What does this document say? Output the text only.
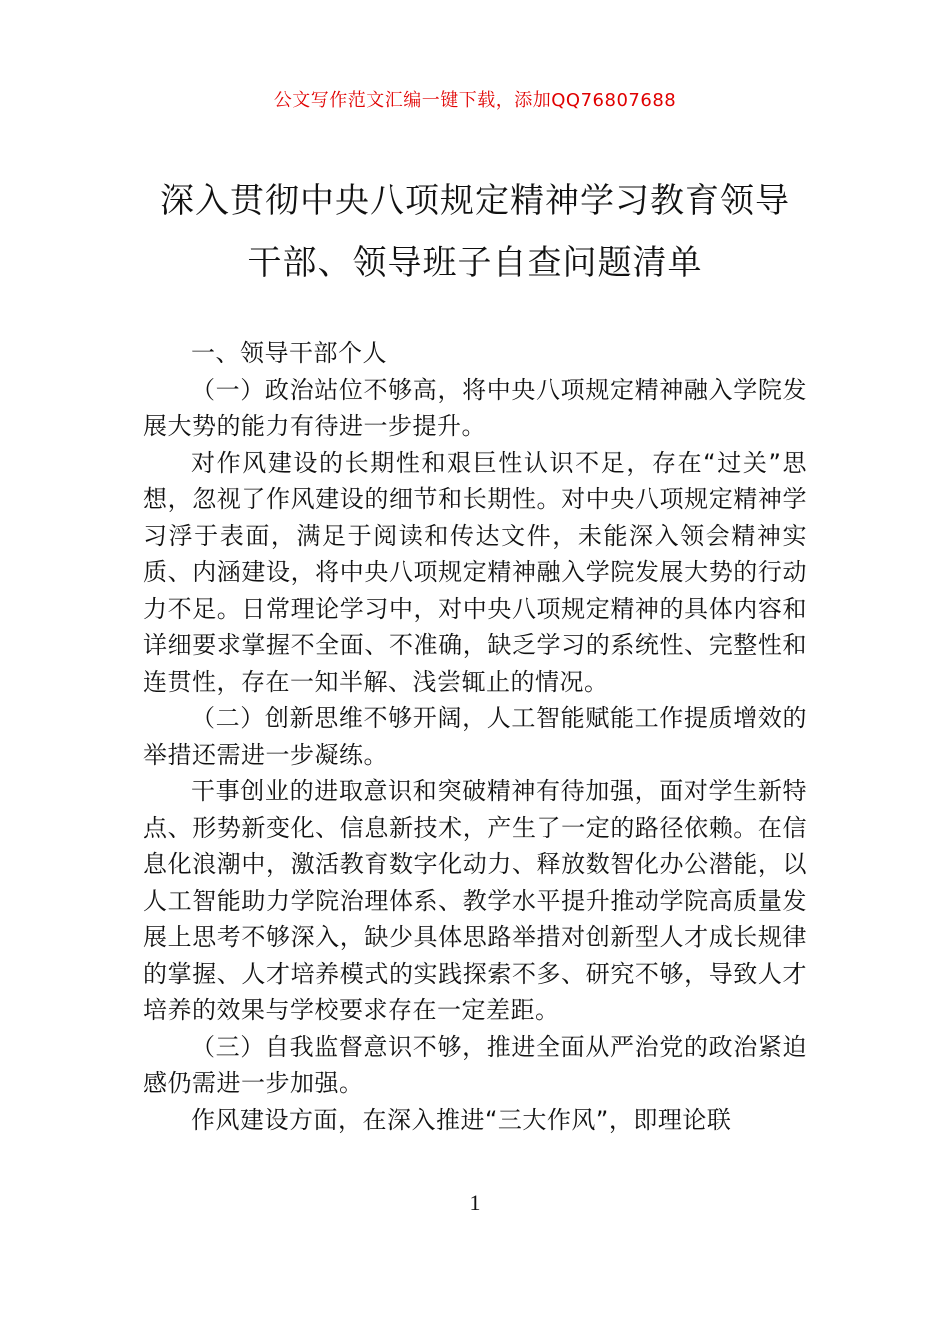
公文写作范文汇编一键下载，添加QQ76807688
深入贯彻中央八项规定精神学习教育领导
干部、领导班子自查问题清单

一、领导干部个人

（一）政治站位不够高，将中央八项规定精神融入学院发展大势的能力有待进一步提升。

对作风建设的长期性和艰巨性认识不足，存在“过关”思想，忽视了作风建设的细节和长期性。对中央八项规定精神学习浮于表面，满足于阅读和传达文件，未能深入领会精神实质、内涵建设，将中央八项规定精神融入学院发展大势的行动力不足。日常理论学习中，对中央八项规定精神的具体内容和详细要求掌握不全面、不准确，缺乏学习的系统性、完整性和连贯性，存在一知半解、浅尝辄止的情况。

（二）创新思维不够开阔，人工智能赋能工作提质增效的举措还需进一步凝练。

干事创业的进取意识和突破精神有待加强，面对学生新特点、形势新变化、信息新技术，产生了一定的路径依赖。在信息化浪潮中，激活教育数字化动力、释放数智化办公潜能，以人工智能助力学院治理体系、教学水平提升推动学院高质量发展上思考不够深入，缺少具体思路举措对创新型人才成长规律的掌握、人才培养模式的实践探索不多、研究不够，导致人才培养的效果与学校要求存在一定差距。

（三）自我监督意识不够，推进全面从严治党的政治紧迫感仍需进一步加强。

作风建设方面，在深入推进“三大作风”，即理论联

1
